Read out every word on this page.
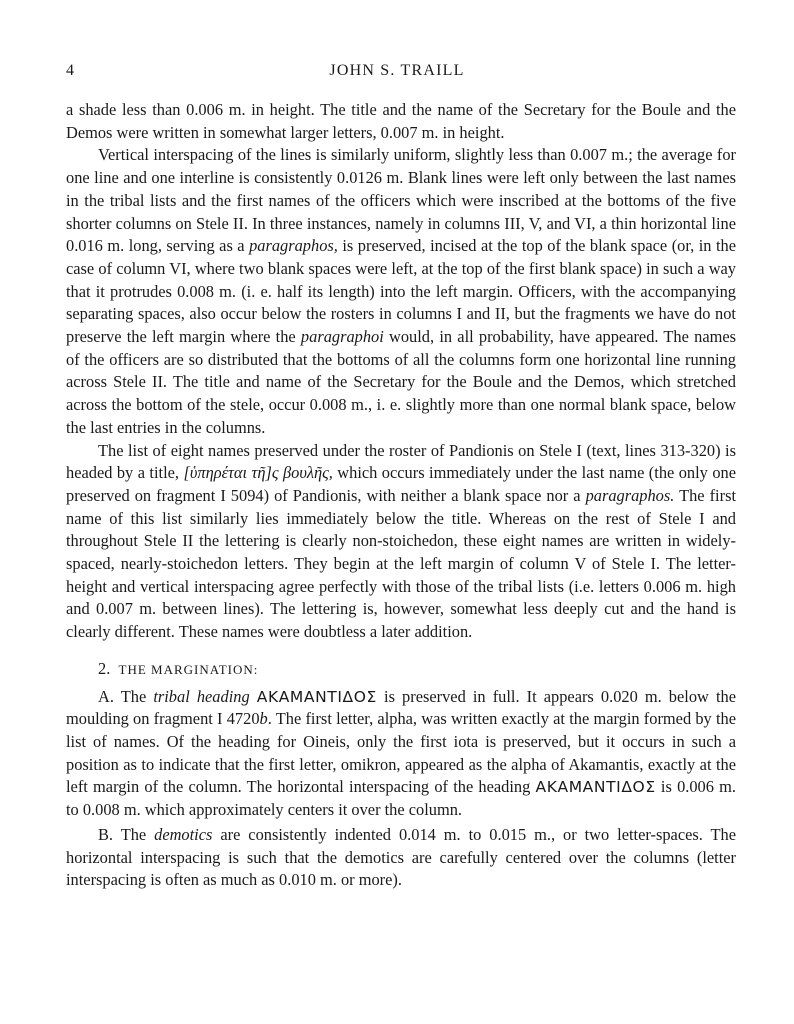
4	JOHN S. TRAILL

a shade less than 0.006 m. in height. The title and the name of the Secretary for the Boule and the Demos were written in somewhat larger letters, 0.007 m. in height.

Vertical interspacing of the lines is similarly uniform, slightly less than 0.007 m.; the average for one line and one interline is consistently 0.0126 m. Blank lines were left only between the last names in the tribal lists and the first names of the officers which were inscribed at the bottoms of the five shorter columns on Stele II. In three instances, namely in columns III, V, and VI, a thin horizontal line 0.016 m. long, serving as a paragraphos, is preserved, incised at the top of the blank space (or, in the case of column VI, where two blank spaces were left, at the top of the first blank space) in such a way that it protrudes 0.008 m. (i. e. half its length) into the left margin. Officers, with the accompanying separating spaces, also occur below the rosters in columns I and II, but the fragments we have do not preserve the left margin where the paragraphoi would, in all probability, have appeared. The names of the officers are so distributed that the bottoms of all the columns form one horizontal line running across Stele II. The title and name of the Secretary for the Boule and the Demos, which stretched across the bottom of the stele, occur 0.008 m., i. e. slightly more than one normal blank space, below the last entries in the columns.

The list of eight names preserved under the roster of Pandionis on Stele I (text, lines 313-320) is headed by a title, [ὑπηρέται τῆ]ς βουλῆς, which occurs immediately under the last name (the only one preserved on fragment I 5094) of Pandionis, with neither a blank space nor a paragraphos. The first name of this list similarly lies immediately below the title. Whereas on the rest of Stele I and throughout Stele II the lettering is clearly non-stoichedon, these eight names are written in widely-spaced, nearly-stoichedon letters. They begin at the left margin of column V of Stele I. The letter-height and vertical interspacing agree perfectly with those of the tribal lists (i.e. letters 0.006 m. high and 0.007 m. between lines). The lettering is, however, somewhat less deeply cut and the hand is clearly different. These names were doubtless a later addition.

2. THE MARGINATION:

A. The tribal heading ΑΚΑΜΑΝΤΙΔΟΣ is preserved in full. It appears 0.020 m. below the moulding on fragment I 4720b. The first letter, alpha, was written exactly at the margin formed by the list of names. Of the heading for Oineis, only the first iota is preserved, but it occurs in such a position as to indicate that the first letter, omikron, appeared as the alpha of Akamantis, exactly at the left margin of the column. The horizontal interspacing of the heading ΑΚΑΜΑΝΤΙΔΟΣ is 0.006 m. to 0.008 m. which approximately centers it over the column.

B. The demotics are consistently indented 0.014 m. to 0.015 m., or two letter-spaces. The horizontal interspacing is such that the demotics are carefully centered over the columns (letter interspacing is often as much as 0.010 m. or more).
